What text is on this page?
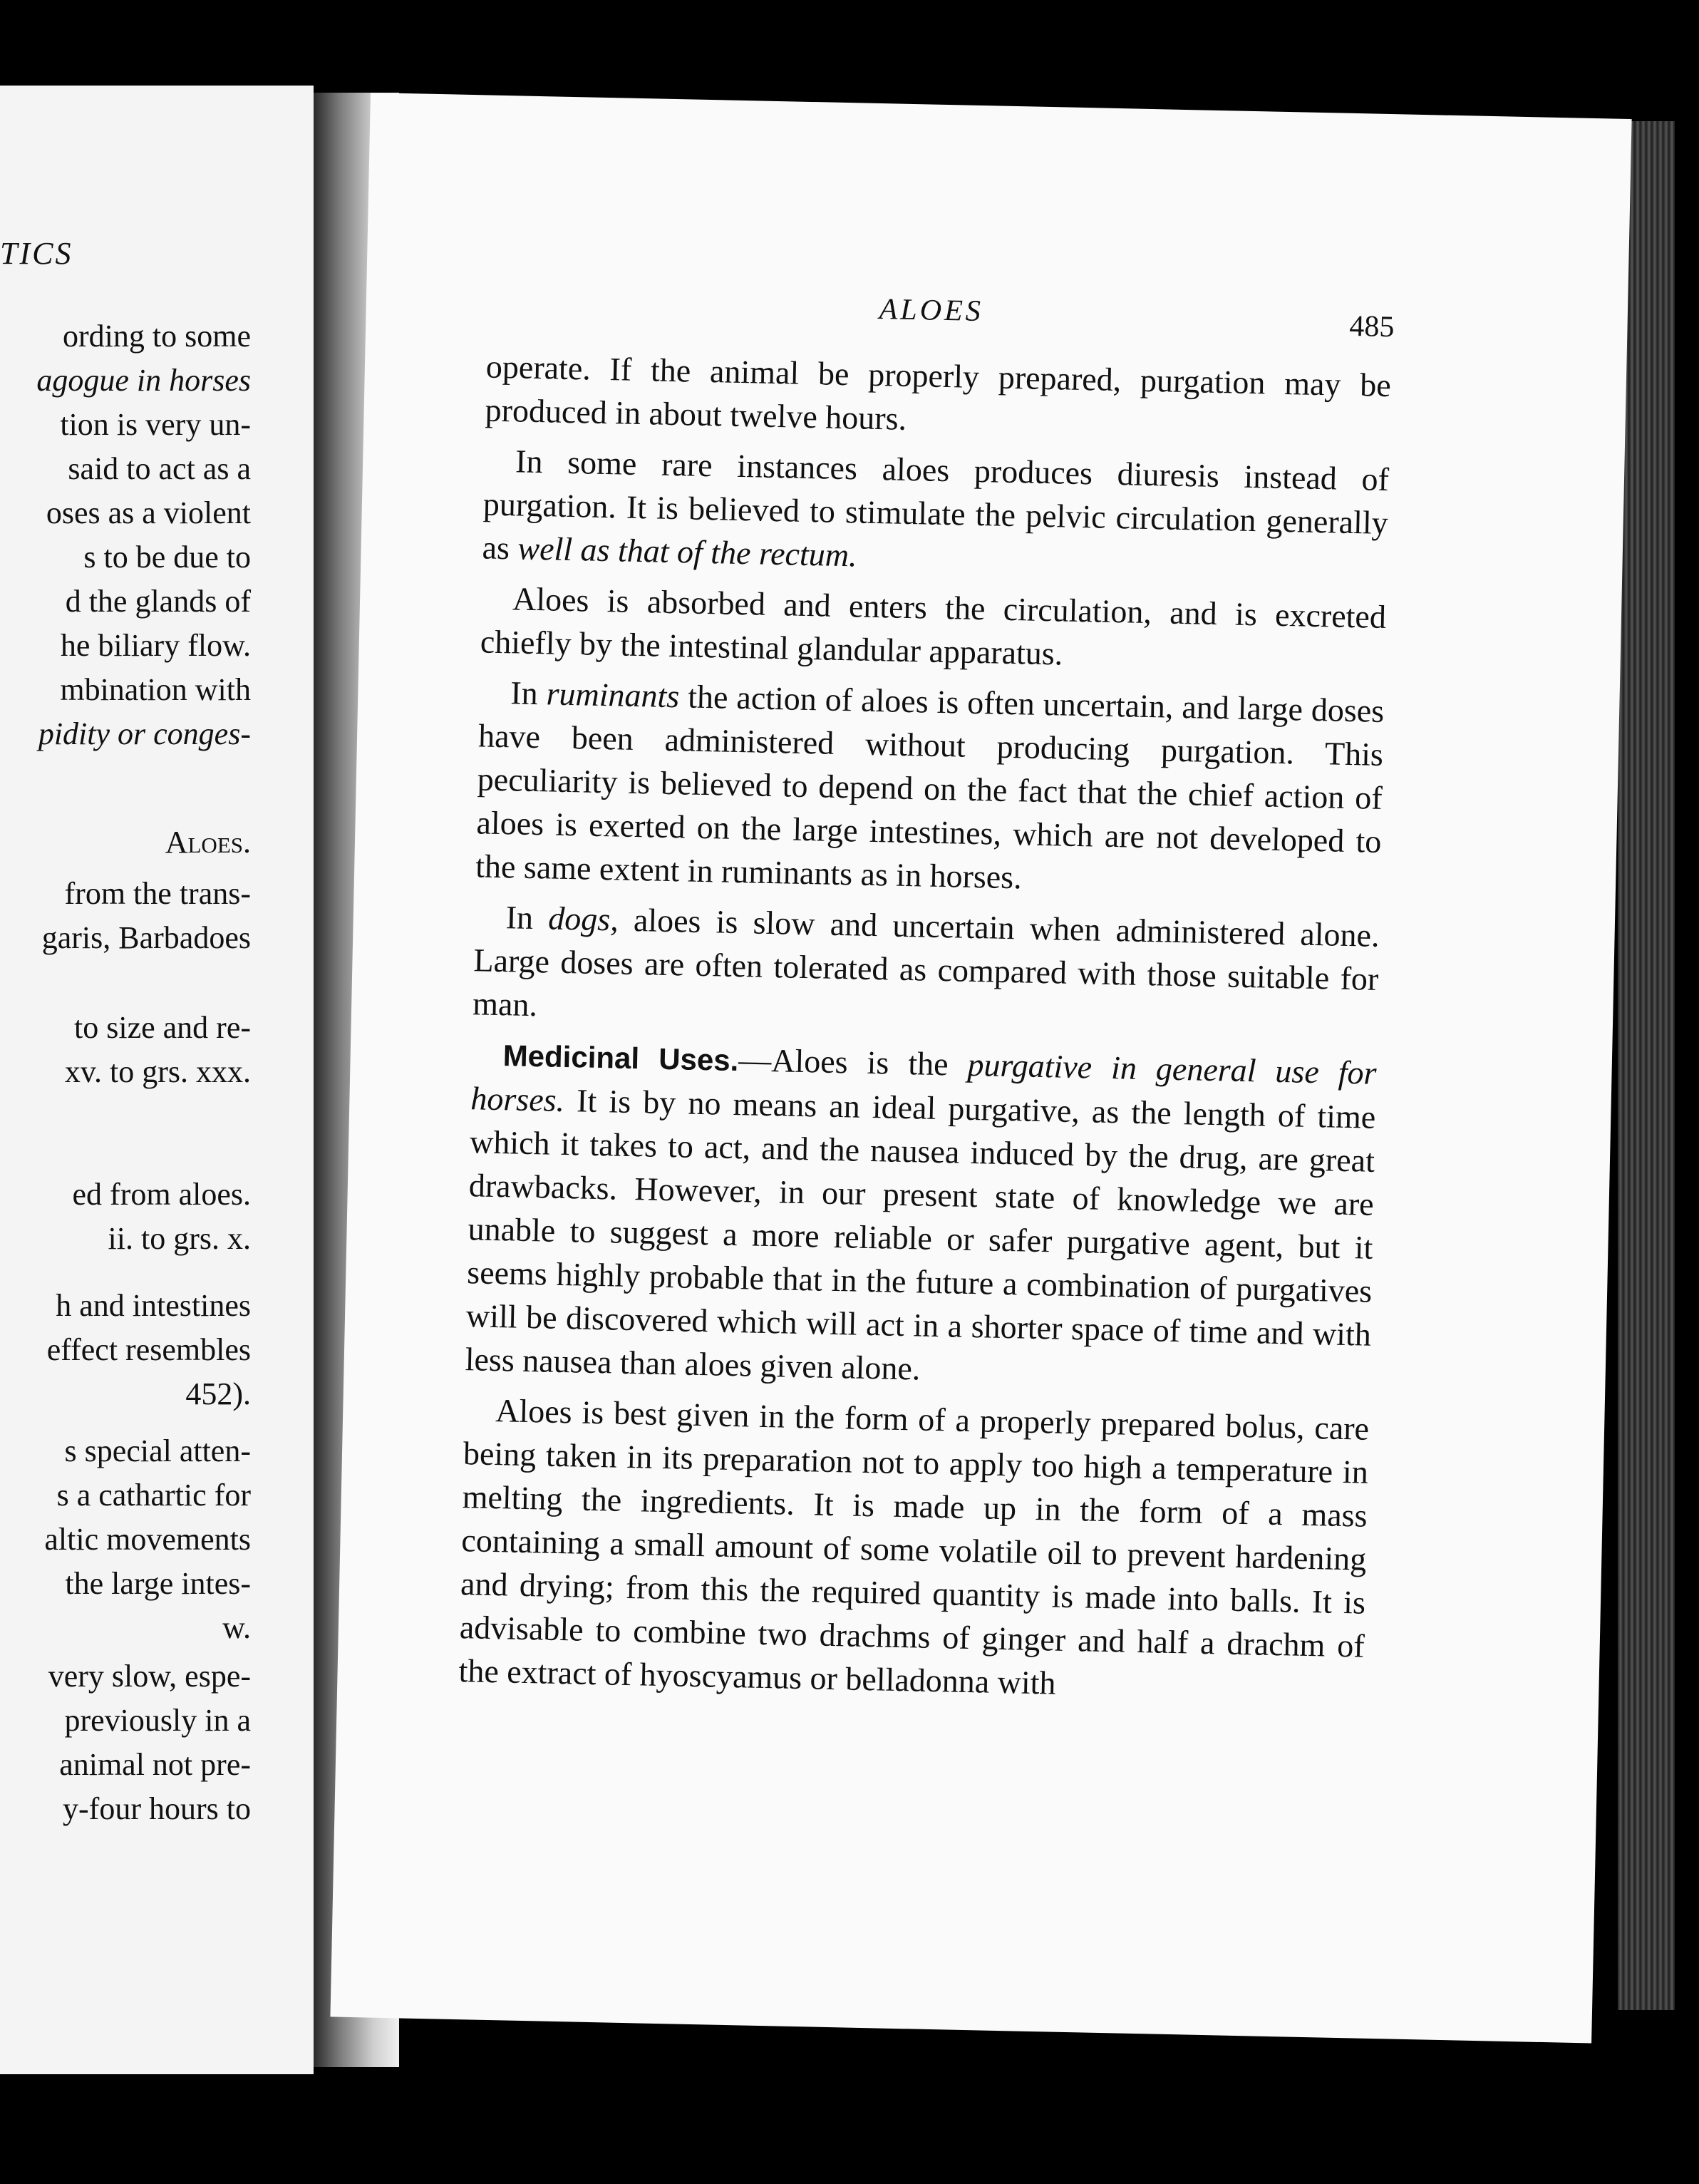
TICS
ording to some
agogue in horses
tion is very un-
said to act as a
oses as a violent
s to be due to
d the glands of
he biliary flow.
mbination with
pidity or conges-
Aloes.
from the trans-
garis, Barbadoes
to size and re-
xv. to grs. xxx.
ed from aloes.
ii. to grs. x.
h and intestines
effect resembles
452).
s special atten-
s a cathartic for
altic movements
the large intes-
w.
very slow, espe-
previously in a
animal not pre-
y-four hours to
ALOES	485

operate. If the animal be properly prepared, purgation may be produced in about twelve hours.

In some rare instances aloes produces diuresis instead of purgation. It is believed to stimulate the pelvic circulation generally as well as that of the rectum.

Aloes is absorbed and enters the circulation, and is excreted chiefly by the intestinal glandular apparatus.

In ruminants the action of aloes is often uncertain, and large doses have been administered without producing purgation. This peculiarity is believed to depend on the fact that the chief action of aloes is exerted on the large intestines, which are not developed to the same extent in ruminants as in horses.

In dogs, aloes is slow and uncertain when administered alone. Large doses are often tolerated as compared with those suitable for man.

Medicinal Uses.—Aloes is the purgative in general use for horses. It is by no means an ideal purgative, as the length of time which it takes to act, and the nausea induced by the drug, are great drawbacks. However, in our present state of knowledge we are unable to suggest a more reliable or safer purgative agent, but it seems highly probable that in the future a combination of purgatives will be discovered which will act in a shorter space of time and with less nausea than aloes given alone.

Aloes is best given in the form of a properly prepared bolus, care being taken in its preparation not to apply too high a temperature in melting the ingredients. It is made up in the form of a mass containing a small amount of some volatile oil to prevent hardening and drying; from this the required quantity is made into balls. It is advisable to combine two drachms of ginger and half a drachm of the extract of hyoscyamus or belladonna with
